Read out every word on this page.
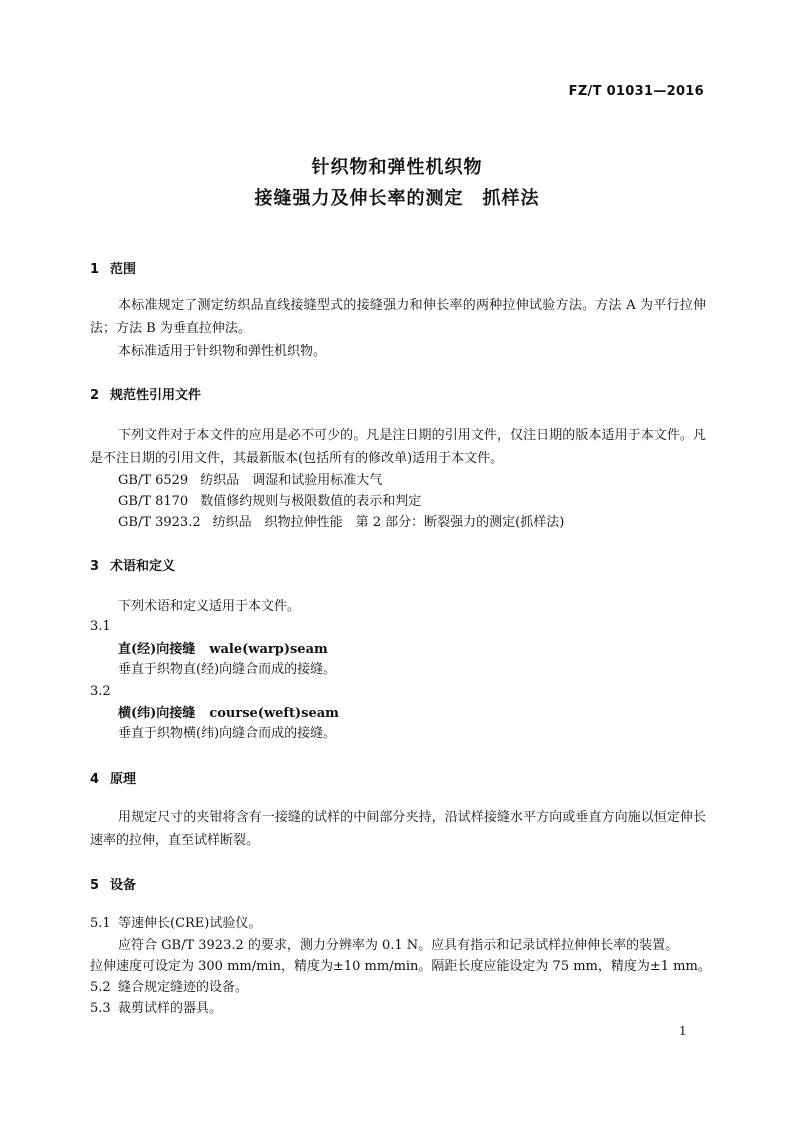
FZ/T 01031—2016
针织物和弹性机织物
接缝强力及伸长率的测定　抓样法
1 范围
本标准规定了测定纺织品直线接缝型式的接缝强力和伸长率的两种拉伸试验方法。方法 A 为平行拉伸法；方法 B 为垂直拉伸法。
本标准适用于针织物和弹性机织物。
2 规范性引用文件
下列文件对于本文件的应用是必不可少的。凡是注日期的引用文件，仅注日期的版本适用于本文件。凡是不注日期的引用文件，其最新版本(包括所有的修改单)适用于本文件。
GB/T 6529 纺织品　调湿和试验用标准大气
GB/T 8170 数值修约规则与极限数值的表示和判定
GB/T 3923.2 纺织品　织物拉伸性能　第 2 部分：断裂强力的测定(抓样法)
3 术语和定义
下列术语和定义适用于本文件。
3.1
直(经)向接缝 wale(warp)seam
垂直于织物直(经)向缝合而成的接缝。
3.2
横(纬)向接缝 course(weft)seam
垂直于织物横(纬)向缝合而成的接缝。
4 原理
用规定尺寸的夹钳将含有一接缝的试样的中间部分夹持，沿试样接缝水平方向或垂直方向施以恒定伸长速率的拉伸，直至试样断裂。
5 设备
5.1 等速伸长(CRE)试验仪。
应符合 GB/T 3923.2 的要求，测力分辨率为 0.1 N。应具有指示和记录试样拉伸伸长率的装置。
拉伸速度可设定为 300 mm/min，精度为±10 mm/min。隔距长度应能设定为 75 mm，精度为±1 mm。
5.2 缝合规定缝迹的设备。
5.3 裁剪试样的器具。
1
